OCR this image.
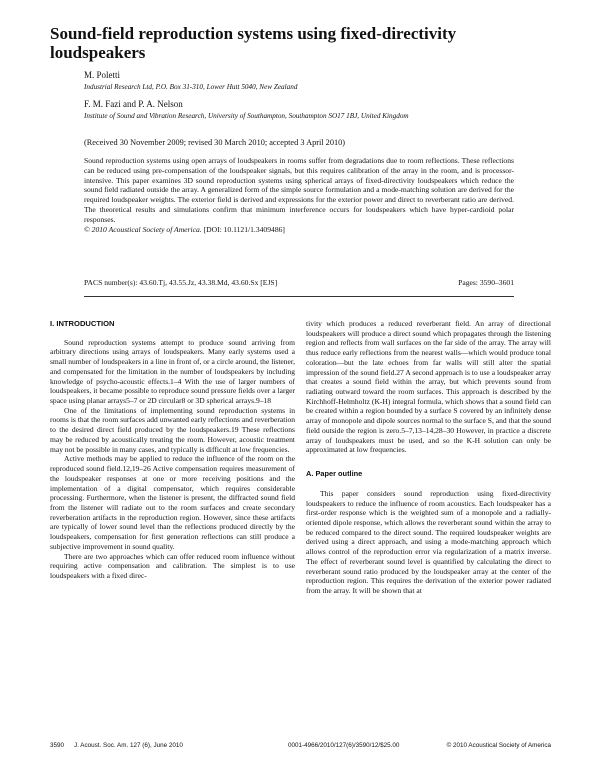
Sound-field reproduction systems using fixed-directivity loudspeakers
M. Poletti
Industrial Research Ltd, P.O. Box 31-310, Lower Hutt 5040, New Zealand
F. M. Fazi and P. A. Nelson
Institute of Sound and Vibration Research, University of Southampton, Southampton SO17 1BJ, United Kingdom
(Received 30 November 2009; revised 30 March 2010; accepted 3 April 2010)
Sound reproduction systems using open arrays of loudspeakers in rooms suffer from degradations due to room reflections. These reflections can be reduced using pre-compensation of the loudspeaker signals, but this requires calibration of the array in the room, and is processor-intensive. This paper examines 3D sound reproduction systems using spherical arrays of fixed-directivity loudspeakers which reduce the sound field radiated outside the array. A generalized form of the simple source formulation and a mode-matching solution are derived for the required loudspeaker weights. The exterior field is derived and expressions for the exterior power and direct to reverberant ratio are derived. The theoretical results and simulations confirm that minimum interference occurs for loudspeakers which have hyper-cardioid polar responses.
© 2010 Acoustical Society of America. [DOI: 10.1121/1.3409486]
PACS number(s): 43.60.Tj, 43.55.Jz, 43.38.Md, 43.60.Sx [EJS]	Pages: 3590–3601
I. INTRODUCTION

Sound reproduction systems attempt to produce sound arriving from arbitrary directions using arrays of loudspeakers. Many early systems used a small number of loudspeakers in a line in front of, or a circle around, the listener, and compensated for the limitation in the number of loudspeakers by including knowledge of psycho-acoustic effects.1–4 With the use of larger numbers of loudspeakers, it became possible to reproduce sound pressure fields over a larger space using planar arrays5–7 or 2D circular8 or 3D spherical arrays.9–18

One of the limitations of implementing sound reproduction systems in rooms is that the room surfaces add unwanted early reflections and reverberation to the desired direct field produced by the loudspeakers.19 These reflections may be reduced by acoustically treating the room. However, acoustic treatment may not be possible in many cases, and typically is difficult at low frequencies.

Active methods may be applied to reduce the influence of the room on the reproduced sound field.12,19–26 Active compensation requires measurement of the loudspeaker responses at one or more receiving positions and the implementation of a digital compensator, which requires considerable processing. Furthermore, when the listener is present, the diffracted sound field from the listener will radiate out to the room surfaces and create secondary reverberation artifacts in the reproduction region. However, since these artifacts are typically of lower sound level than the reflections produced directly by the loudspeakers, compensation for first generation reflections can still produce a subjective improvement in sound quality.

There are two approaches which can offer reduced room influence without requiring active compensation and calibration. The simplest is to use loudspeakers with a fixed direc-

tivity which produces a reduced reverberant field. An array of directional loudspeakers will produce a direct sound which propagates through the listening region and reflects from wall surfaces on the far side of the array. The array will thus reduce early reflections from the nearest walls—which would produce tonal coloration—but the late echoes from far walls will still alter the spatial impression of the sound field.27 A second approach is to use a loudspeaker array that creates a sound field within the array, but which prevents sound from radiating outward toward the room surfaces. This approach is described by the Kirchhoff-Helmholtz (K-H) integral formula, which shows that a sound field can be created within a region bounded by a surface S covered by an infinitely dense array of monopole and dipole sources normal to the surface S, and that the sound field outside the region is zero.5–7,13–14,28–30 However, in practice a discrete array of loudspeakers must be used, and so the K-H solution can only be approximated at low frequencies.

A. Paper outline

This paper considers sound reproduction using fixed-directivity loudspeakers to reduce the influence of room acoustics. Each loudspeaker has a first-order response which is the weighted sum of a monopole and a radially-oriented dipole response, which allows the reverberant sound within the array to be reduced compared to the direct sound. The required loudspeaker weights are derived using a direct approach, and using a mode-matching approach which allows control of the reproduction error via regularization of a matrix inverse. The effect of reverberant sound level is quantified by calculating the direct to reverberant sound ratio produced by the loudspeaker array at the center of the reproduction region. This requires the derivation of the exterior power radiated from the array. It will be shown that at

3590 J. Acoust. Soc. Am. 127 (6), June 2010	0001-4966/2010/127(6)/3590/12/$25.00	© 2010 Acoustical Society of America
